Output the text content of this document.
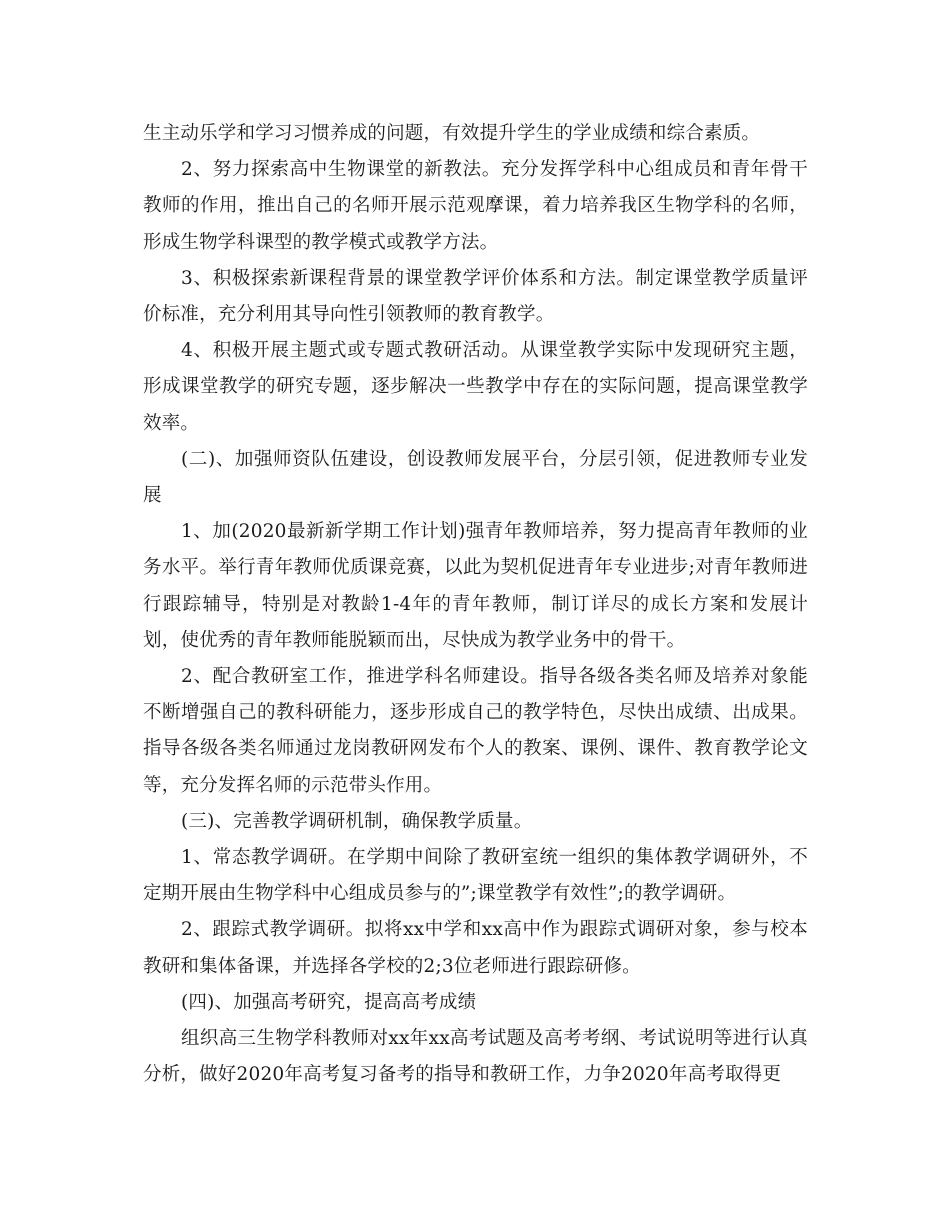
生主动乐学和学习习惯养成的问题，有效提升学生的学业成绩和综合素质。

2、努力探索高中生物课堂的新教法。充分发挥学科中心组成员和青年骨干教师的作用，推出自己的名师开展示范观摩课，着力培养我区生物学科的名师，形成生物学科课型的教学模式或教学方法。

3、积极探索新课程背景的课堂教学评价体系和方法。制定课堂教学质量评价标准，充分利用其导向性引领教师的教育教学。

4、积极开展主题式或专题式教研活动。从课堂教学实际中发现研究主题，形成课堂教学的研究专题，逐步解决一些教学中存在的实际问题，提高课堂教学效率。

(二)、加强师资队伍建设，创设教师发展平台，分层引领，促进教师专业发展

1、加(2020最新新学期工作计划)强青年教师培养，努力提高青年教师的业务水平。举行青年教师优质课竞赛，以此为契机促进青年专业进步;对青年教师进行跟踪辅导，特别是对教龄1-4年的青年教师，制订详尽的成长方案和发展计划，使优秀的青年教师能脱颖而出，尽快成为教学业务中的骨干。

2、配合教研室工作，推进学科名师建设。指导各级各类名师及培养对象能不断增强自己的教科研能力，逐步形成自己的教学特色，尽快出成绩、出成果。指导各级各类名师通过龙岗教研网发布个人的教案、课例、课件、教育教学论文等，充分发挥名师的示范带头作用。

(三)、完善教学调研机制，确保教学质量。

1、常态教学调研。在学期中间除了教研室统一组织的集体教学调研外，不定期开展由生物学科中心组成员参与的”;课堂教学有效性”;的教学调研。

2、跟踪式教学调研。拟将xx中学和xx高中作为跟踪式调研对象，参与校本教研和集体备课，并选择各学校的2;3位老师进行跟踪研修。

(四)、加强高考研究，提高高考成绩

组织高三生物学科教师对xx年xx高考试题及高考考纲、考试说明等进行认真分析，做好2020年高考复习备考的指导和教研工作，力争2020年高考取得更
